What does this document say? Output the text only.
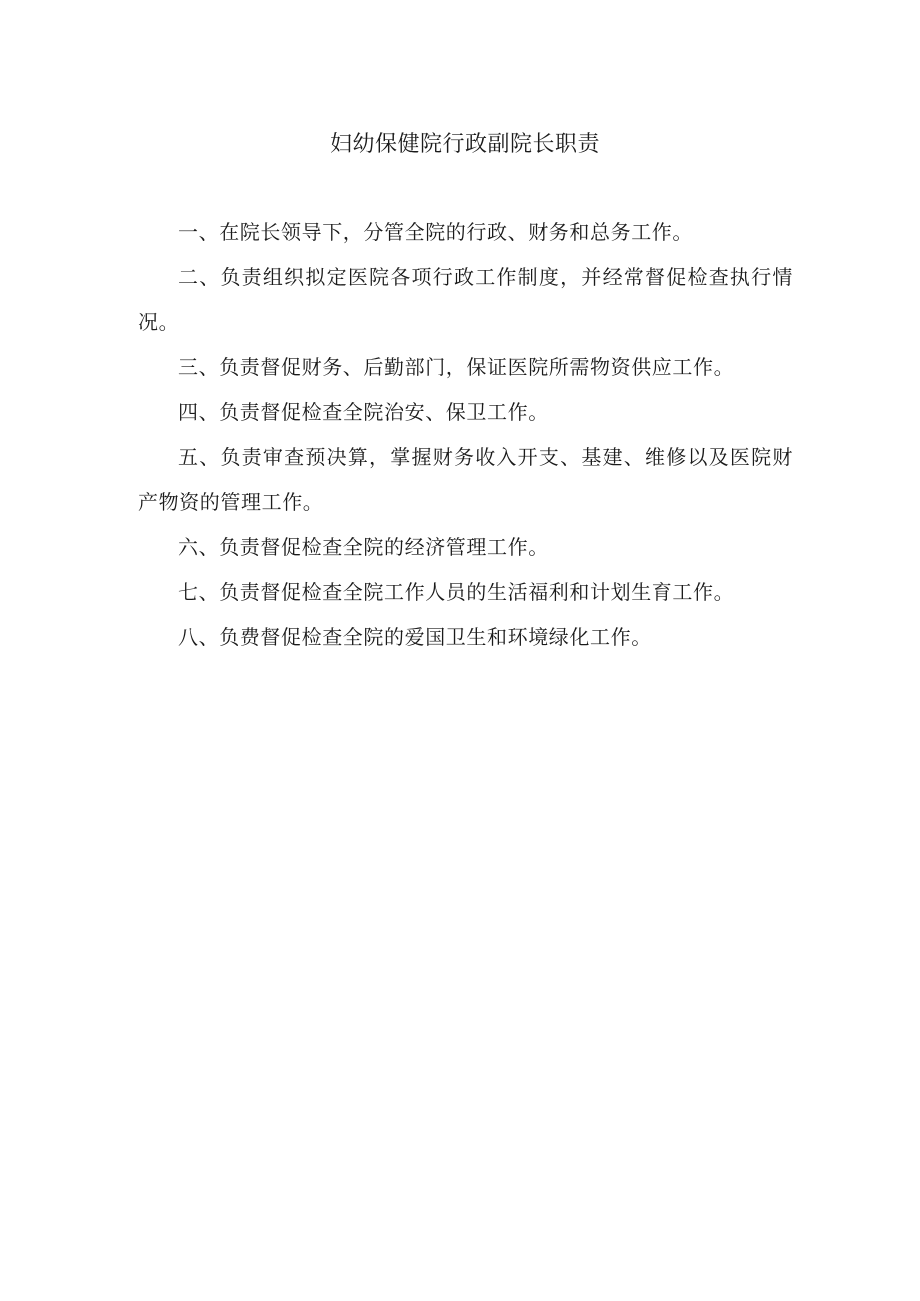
妇幼保健院行政副院长职责

一、在院长领导下，分管全院的行政、财务和总务工作。

二、负责组织拟定医院各项行政工作制度，并经常督促检查执行情况。

三、负责督促财务、后勤部门，保证医院所需物资供应工作。

四、负责督促检查全院治安、保卫工作。

五、负责审查预决算，掌握财务收入开支、基建、维修以及医院财产物资的管理工作。

六、负责督促检查全院的经济管理工作。

七、负责督促检查全院工作人员的生活福利和计划生育工作。

八、负费督促检查全院的爱国卫生和环境绿化工作。
